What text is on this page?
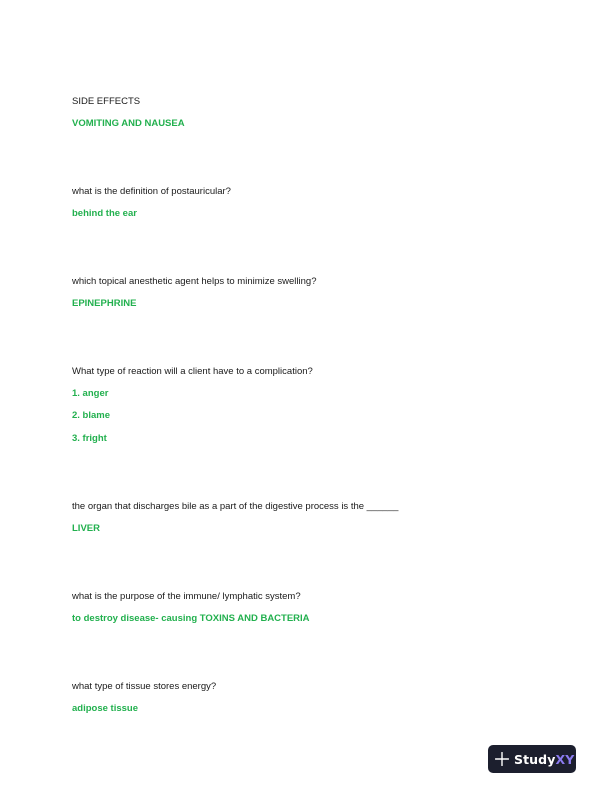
SIDE EFFECTS
VOMITING AND NAUSEA
what is the definition of postauricular?
behind the ear
which topical anesthetic agent helps to minimize swelling?
EPINEPHRINE
What type of reaction will a client have to a complication?
1. anger
2. blame
3. fright
the organ that discharges bile as a part of the digestive process is the ______
LIVER
what is the purpose of the immune/ lymphatic system?
to destroy disease- causing TOXINS AND BACTERIA
what type of tissue stores energy?
adipose tissue
StudyXY
